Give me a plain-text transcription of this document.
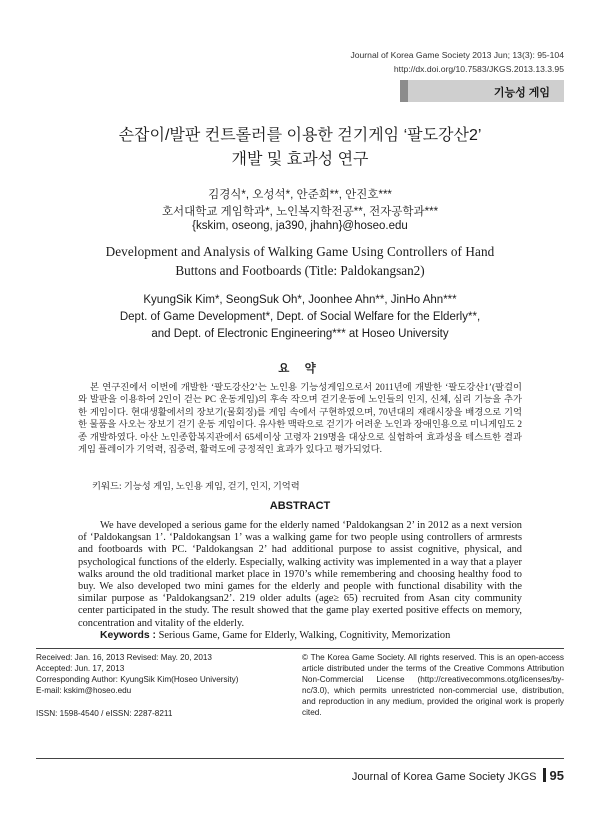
Journal of Korea Game Society 2013 Jun; 13(3): 95-104
http://dx.doi.org/10.7583/JKGS.2013.13.3.95
기능성 게임
손잡이/발판 컨트롤러를 이용한 걷기게임 ‘팔도강산2’
개발 및 효과성 연구
김경식*, 오성석*, 안준희**, 안진호***
호서대학교 게임학과*, 노인복지학전공**, 전자공학과***
{kskim, oseong, ja390, jhahn}@hoseo.edu
Development and Analysis of Walking Game Using Controllers of Hand
Buttons and Footboards (Title: Paldokangsan2)
KyungSik Kim*, SeongSuk Oh*, Joonhee Ahn**, JinHo Ahn***
Dept. of Game Development*, Dept. of Social Welfare for the Elderly**,
and Dept. of Electronic Engineering*** at Hoseo University
요 약

본 연구진에서 이번에 개발한 ‘팔도강산2’는 노인용 기능성게임으로서 2011년에 개발한 ‘팔도강산1’(팔걸이와 발판을 이용하여 2인이 걷는 PC 운동게임)의 후속 작으며 걷기운동에 노인들의 인지, 신체, 심리 기능을 추가한 게임이다. 현대생활에서의 장보기(물회징)를 게임 속에서 구현하였으며, 70년대의 재래시장을 배경으로 기억한 물품을 사오는 장보기 걷기 운동 게임이다. 유사한 맥락으로 걷기가 어려운 노인과 장애인용으로 미니게임도 2종 개발하였다. 아산 노인종합복지관에서 65세이상 고령자 219명을 대상으로 실험하여 효과성을 테스트한 결과 게임 플레이가 기억력, 집중력, 활력도에 긍정적인 효과가 있다고 평가되었다.

키워드: 기능성 게임, 노인용 게임, 걷기, 인지, 기억력
ABSTRACT

We have developed a serious game for the elderly named ‘Paldokangsan 2’ in 2012 as a next version of ‘Paldokangsan 1’. ‘Paldokangsan 1’ was a walking game for two people using controllers of armrests and footboards with PC. ‘Paldokangsan 2’ had additional purpose to assist cognitive, physical, and psychological functions of the elderly. Especially, walking activity was implemented in a way that a player walks around the old traditional market place in 1970’s while remembering and choosing healthy food to buy. We also developed two mini games for the elderly and people with functional disability with the similar purpose as ‘Paldokangsan2’. 219 older adults (age≥ 65) recruited from Asan city community center participated in the study. The result showed that the game play exerted positive effects on memory, concentration and vitality of the elderly.

Keywords : Serious Game, Game for Elderly, Walking, Cognitivity, Memorization
Received: Jan. 16, 2013 Revised: May. 20, 2013
Accepted: Jun. 17, 2013
Corresponding Author: KyungSik Kim(Hoseo University)
E-mail: kskim@hoseo.edu
ISSN: 1598-4540 / eISSN: 2287-8211
© The Korea Game Society. All rights reserved. This is an open-access article distributed under the terms of the Creative Commons Attribution Non-Commercial License (http://creativecommons.otg/licenses/by-nc/3.0), which permits unrestricted non-commercial use, distribution, and reproduction in any medium, provided the original work is properly cited.
Journal of Korea Game Society JKGS 95
